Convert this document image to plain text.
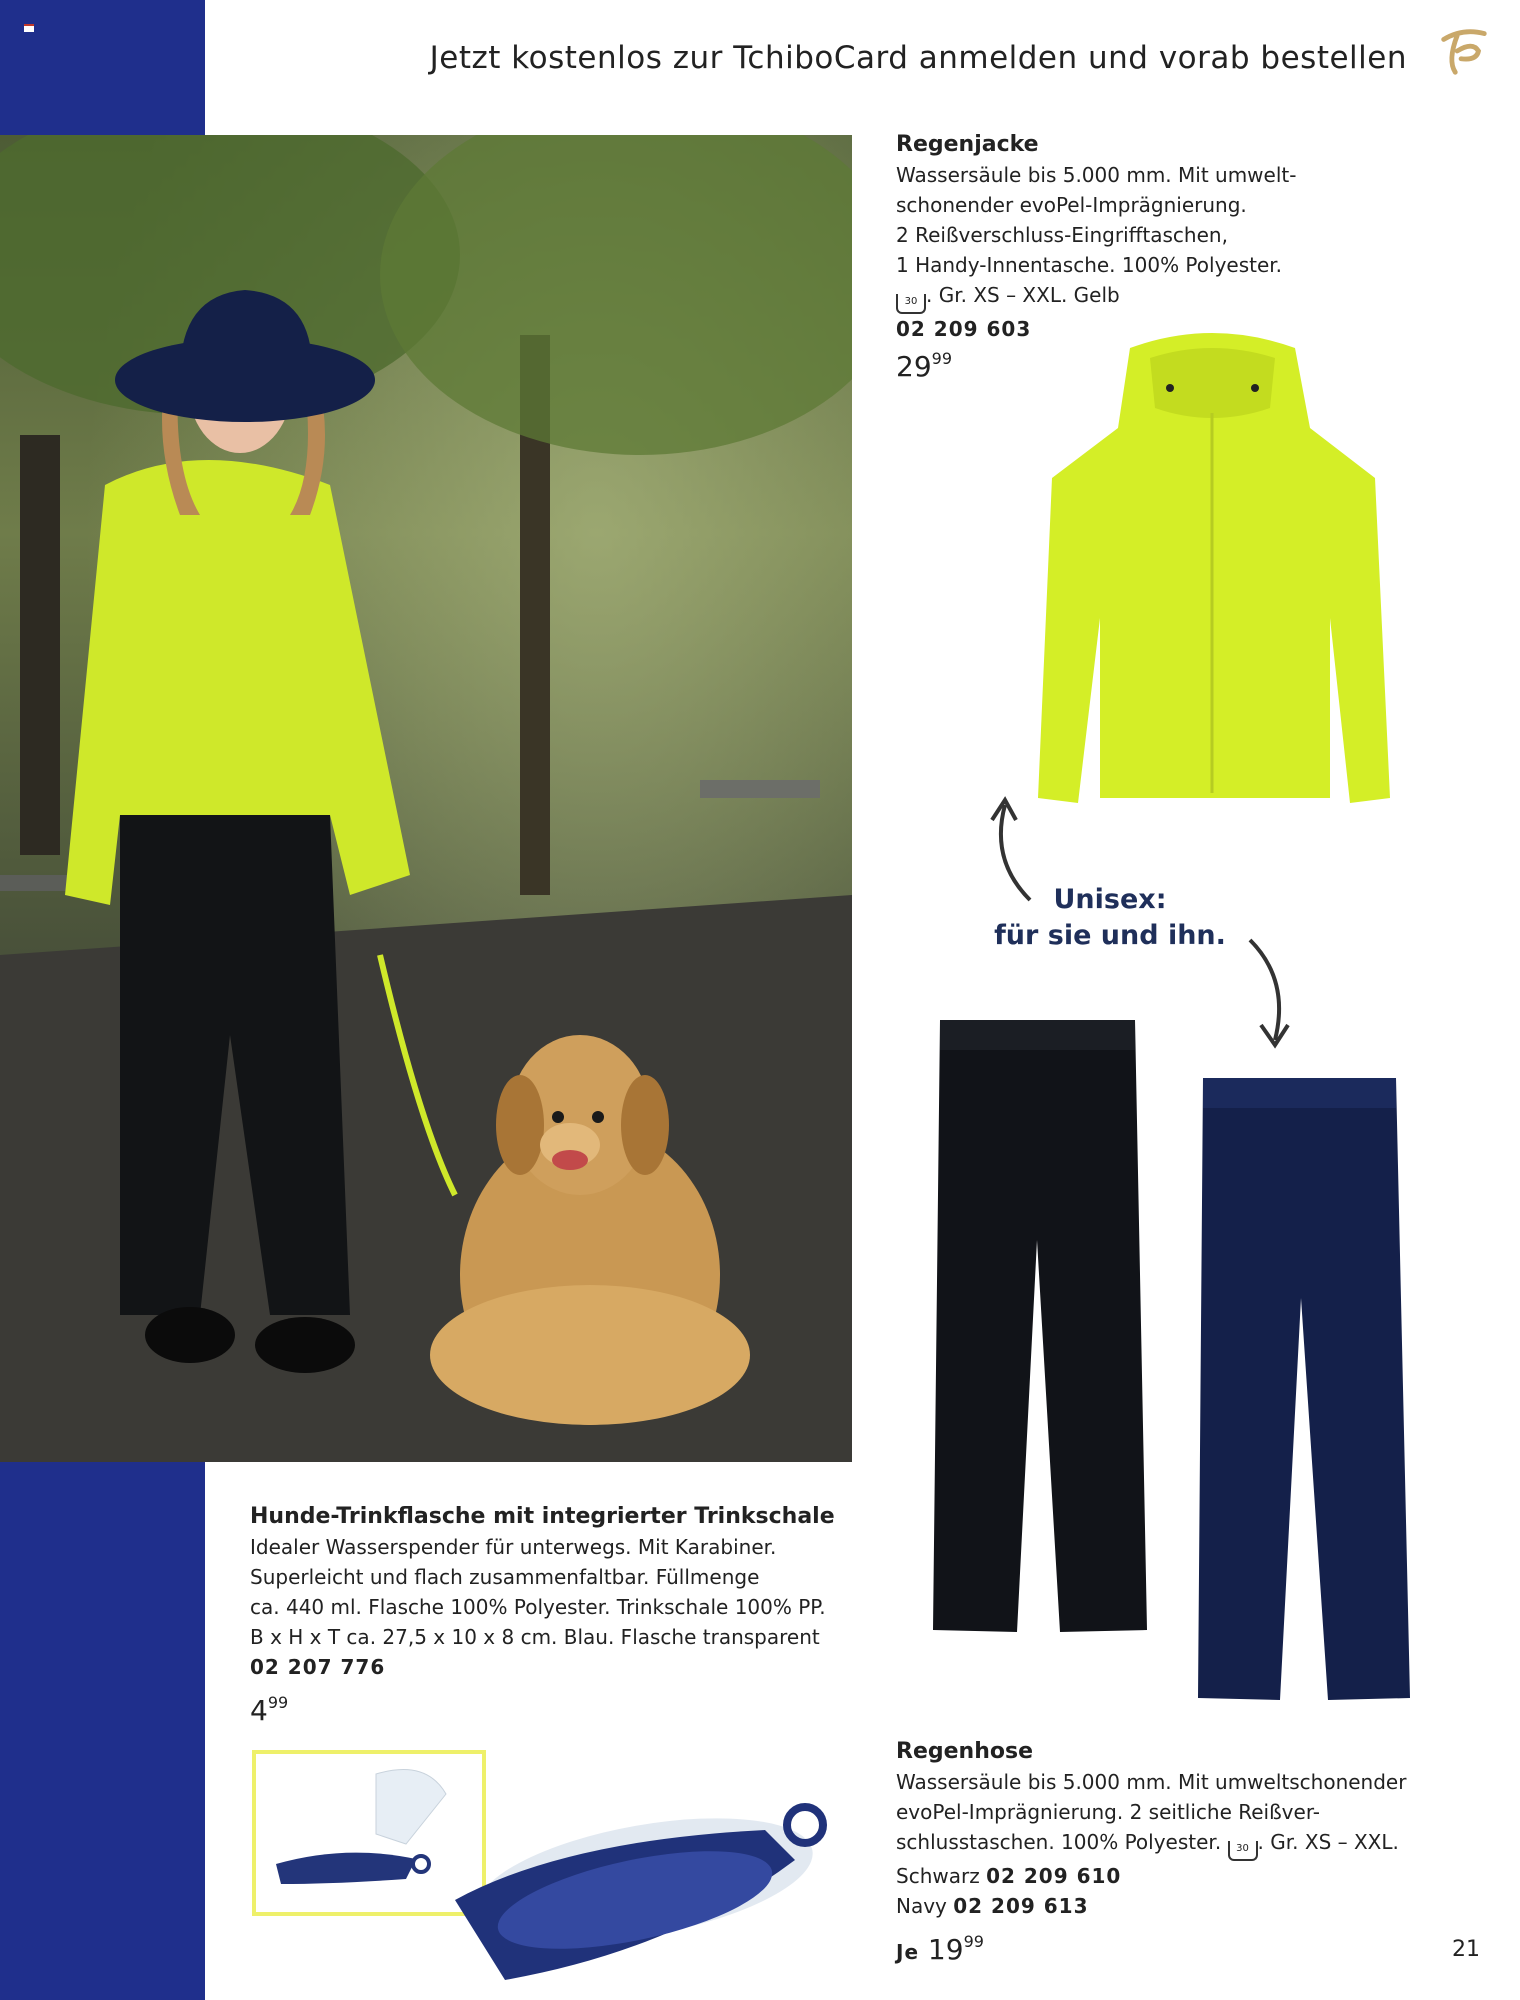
Jetzt kostenlos zur TchiboCard anmelden und vorab bestellen
Regenjacke
Wassersäule bis 5.000 mm. Mit umwelt-
schonender evoPel-Imprägnierung.
2 Reißverschluss-Eingrifftaschen,
1 Handy-Innentasche. 100% Polyester.
30 . Gr. XS – XXL. Gelb
02 209 603
$29^{99}$
Unisex:
für sie und ihn.
Hunde-Trinkflasche mit integrierter Trinkschale
Idealer Wasserspender für unterwegs. Mit Karabiner.
Superleicht und flach zusammenfaltbar. Füllmenge
ca. 440 ml. Flasche 100% Polyester. Trinkschale 100% PP.
B x H x T ca. 27,5 x 10 x 8 cm. Blau. Flasche transparent
02 207 776
$4^{99}$
Regenhose
Wassersäule bis 5.000 mm. Mit umweltschonender
evoPel-Imprägnierung. 2 seitliche Reißver-
schlusstaschen. 100% Polyester. 30 . Gr. XS – XXL.
Schwarz 02 209 610
Navy 02 209 613
Je $19^{99}$	21
